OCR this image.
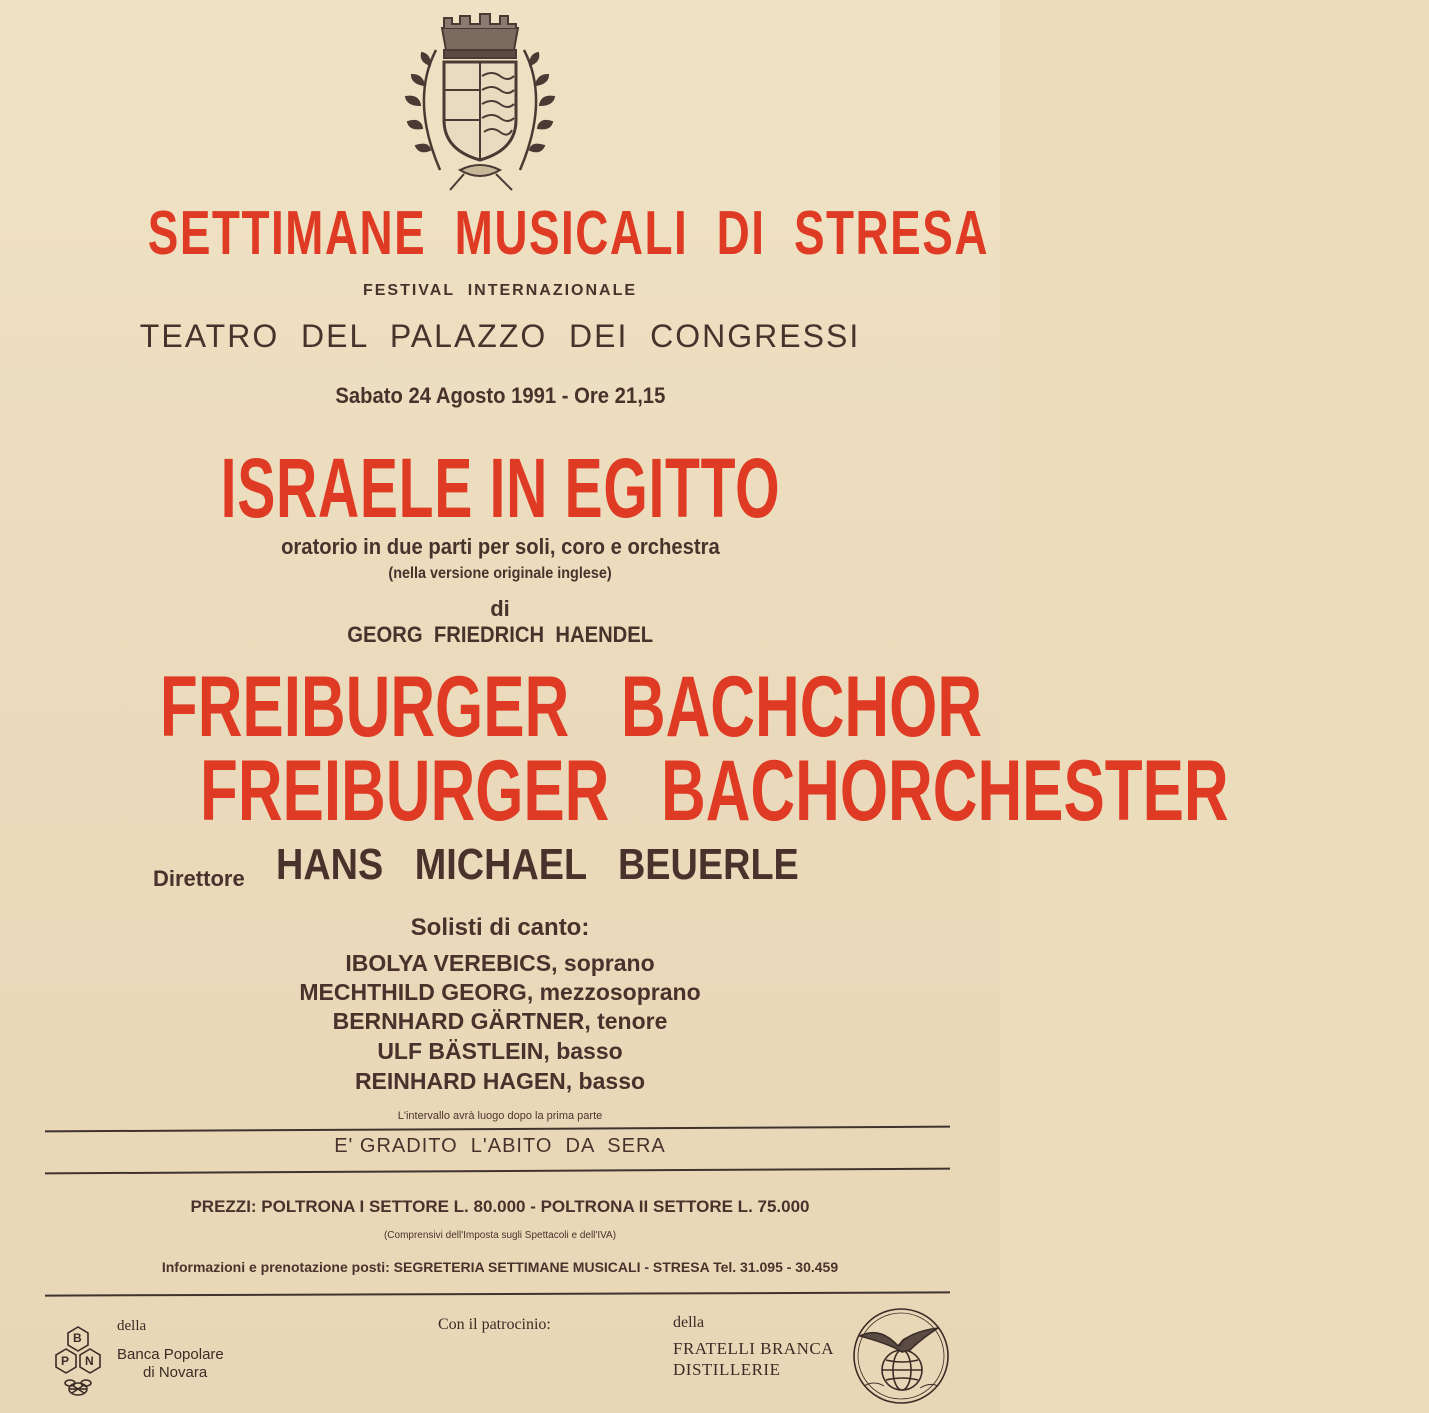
SETTIMANE  MUSICALI  DI  STRESA
FESTIVAL  INTERNAZIONALE
TEATRO  DEL  PALAZZO  DEI  CONGRESSI
Sabato 24 Agosto 1991 - Ore 21,15
ISRAELE IN EGITTO
oratorio in due parti per soli, coro e orchestra
(nella versione originale inglese)
di
GEORG  FRIEDRICH  HAENDEL
FREIBURGER   BACHCHOR
FREIBURGER   BACHORCHESTER
Direttore HANS   MICHAEL   BEUERLE
Solisti di canto:
IBOLYA VEREBICS, soprano
MECHTHILD GEORG, mezzosoprano
BERNHARD GÄRTNER, tenore
ULF BÄSTLEIN, basso
REINHARD HAGEN, basso
L'intervallo avrà luogo dopo la prima parte
E' GRADITO  L'ABITO  DA  SERA
PREZZI: POLTRONA I SETTORE L. 80.000 - POLTRONA II SETTORE L. 75.000
(Comprensivi dell'Imposta sugli Spettacoli e dell'IVA)
Informazioni e prenotazione posti: SEGRETERIA SETTIMANE MUSICALI - STRESA Tel. 31.095 - 30.459
B
P N
della
Banca Popolare
di Novara
Con il patrocinio:	della
FRATELLI BRANCA
DISTILLERIE
